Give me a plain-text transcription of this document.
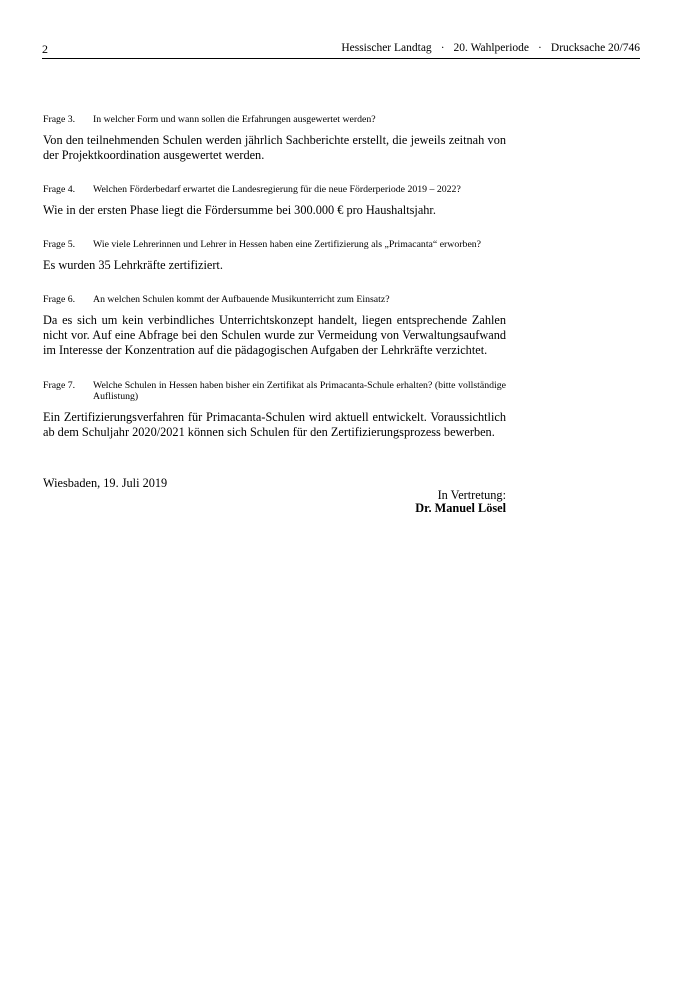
2	Hessischer Landtag · 20. Wahlperiode · Drucksache 20/746
Frage 3.	In welcher Form und wann sollen die Erfahrungen ausgewertet werden?
Von den teilnehmenden Schulen werden jährlich Sachberichte erstellt, die jeweils zeitnah von der Projektkoordination ausgewertet werden.
Frage 4.	Welchen Förderbedarf erwartet die Landesregierung für die neue Förderperiode 2019 – 2022?
Wie in der ersten Phase liegt die Fördersumme bei 300.000 € pro Haushaltsjahr.
Frage 5.	Wie viele Lehrerinnen und Lehrer in Hessen haben eine Zertifizierung als „Primacanta“ erworben?
Es wurden 35 Lehrkräfte zertifiziert.
Frage 6.	An welchen Schulen kommt der Aufbauende Musikunterricht zum Einsatz?
Da es sich um kein verbindliches Unterrichtskonzept handelt, liegen entsprechende Zahlen nicht vor. Auf eine Abfrage bei den Schulen wurde zur Vermeidung von Verwaltungsaufwand im Interesse der Konzentration auf die pädagogischen Aufgaben der Lehrkräfte verzichtet.
Frage 7.	Welche Schulen in Hessen haben bisher ein Zertifikat als Primacanta-Schule erhalten? (bitte vollständige Auflistung)
Ein Zertifizierungsverfahren für Primacanta-Schulen wird aktuell entwickelt. Voraussichtlich ab dem Schuljahr 2020/2021 können sich Schulen für den Zertifizierungsprozess bewerben.
Wiesbaden, 19. Juli 2019
In Vertretung:
Dr. Manuel Lösel
